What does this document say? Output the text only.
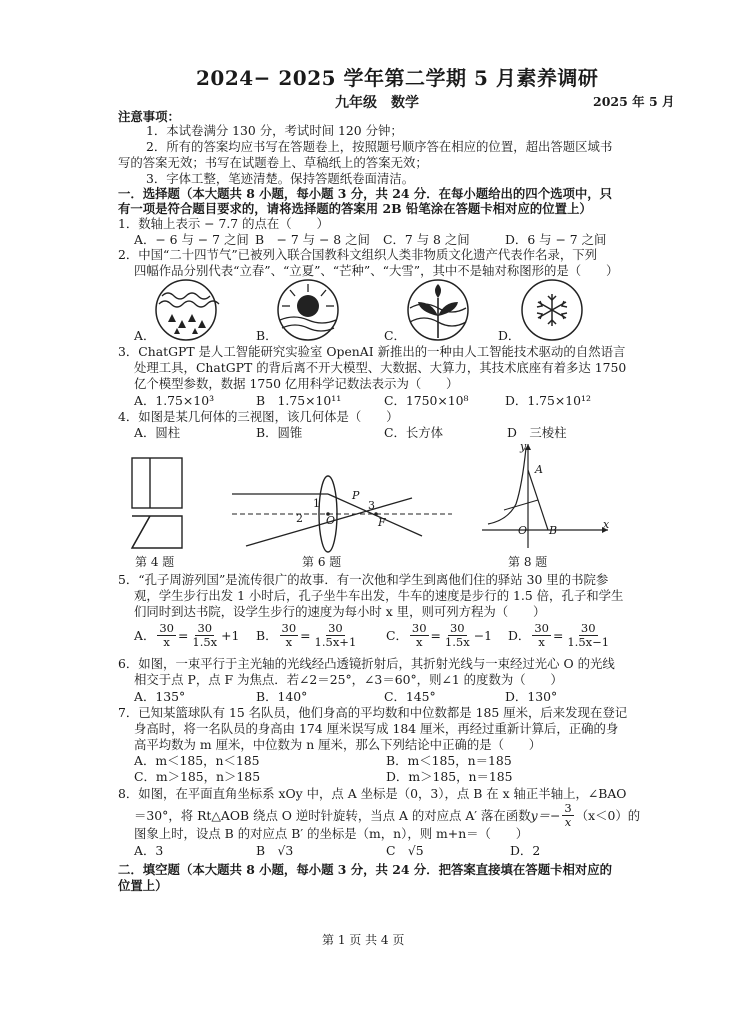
2024− 2025 学年第二学期 5 月素养调研
九年级　数学	2025 年 5 月
注意事项：
1．本试卷满分 130 分，考试时间 120 分钟；
2．所有的答案均应书写在答题卷上，按照题号顺序答在相应的位置，超出答题区域书
写的答案无效；书写在试题卷上、草稿纸上的答案无效；
3．字体工整，笔迹清楚。保持答题纸卷面清洁。
一．选择题（本大题共 8 小题，每小题 3 分，共 24 分．在每小题给出的四个选项中，只
有一项是符合题目要求的，请将选择题的答案用 2B 铅笔涂在答题卡相对应的位置上）
1．数轴上表示 − 7.7 的点在（　　）
A．− 6 与 − 7 之间 B　− 7 与 − 8 之间 C．7 与 8 之间	D．6 与 − 7 之间
2．中国“二十四节气”已被列入联合国教科文组织人类非物质文化遗产代表作名录，下列
四幅作品分别代表“立春”、“立夏”、“芒种”、“大雪”，其中不是轴对称图形的是（　　）
A．	B．	C．	D．
3．ChatGPT 是人工智能研究实验室 OpenAI 新推出的一种由人工智能技术驱动的自然语言
处理工具，ChatGPT 的背后离不开大模型、大数据、大算力，其技术底座有着多达 1750
亿个模型参数，数据 1750 亿用科学记数法表示为（　　）
A．1.75×10³	B　1.75×10¹¹	C．1750×10⁸	D．1.75×10¹²
4．如图是某几何体的三视图，该几何体是（　　）
A．圆柱	B．圆锥	C．长方体	D　三棱柱
第 4 题
1
2
P
3
O	F
第 6 题
y
A
O B	x
第 8 题
5．“孔子周游列国”是流传很广的故事．有一次他和学生到离他们住的驿站 30 里的书院参
观，学生步行出发 1 小时后，孔子坐牛车出发，牛车的速度是步行的 1.5 倍，孔子和学生
们同时到达书院，设学生步行的速度为每小时 x 里，则可列方程为（　　）
A． $\frac{30}{x} = \frac{30}{1.5x} +1$ B． $\frac{30}{x} = \frac{30}{1.5x+1}$ C． $\frac{30}{x} = \frac{30}{1.5x} -1$ D． $\frac{30}{x} = \frac{30}{1.5x-1}$
6．如图，一束平行于主光轴的光线经凸透镜折射后，其折射光线与一束经过光心 O 的光线
相交于点 P，点 F 为焦点．若∠2＝25°，∠3＝60°，则∠1 的度数为（　　）
A．135°	B．140°	C．145°	D．130°
7．已知某篮球队有 15 名队员，他们身高的平均数和中位数都是 185 厘米，后来发现在登记
身高时，将一名队员的身高由 174 厘米误写成 184 厘米，再经过重新计算后，正确的身
高平均数为 m 厘米，中位数为 n 厘米，那么下列结论中正确的是（　　）
A．m＜185，n＜185	B．m＜185，n＝185
C．m＞185，n＞185	D．m＞185，n＝185
8．如图，在平面直角坐标系 xOy 中，点 A 坐标是（0，3），点 B 在 x 轴正半轴上，∠BAO
＝30°，将 Rt△AOB 绕点 O 逆时针旋转，当点 A 的对应点 A′ 落在函数 $y=- \frac{3}{x} (x<0)$的
图象上时，设点 B 的对应点 B′ 的坐标是（m，n），则 m+n＝（　　）
A．3	B　√3	C　√5	D．2
二．填空题（本大题共 8 小题，每小题 3 分，共 24 分．把答案直接填在答题卡相对应的
位置上）
第 1 页 共 4 页
